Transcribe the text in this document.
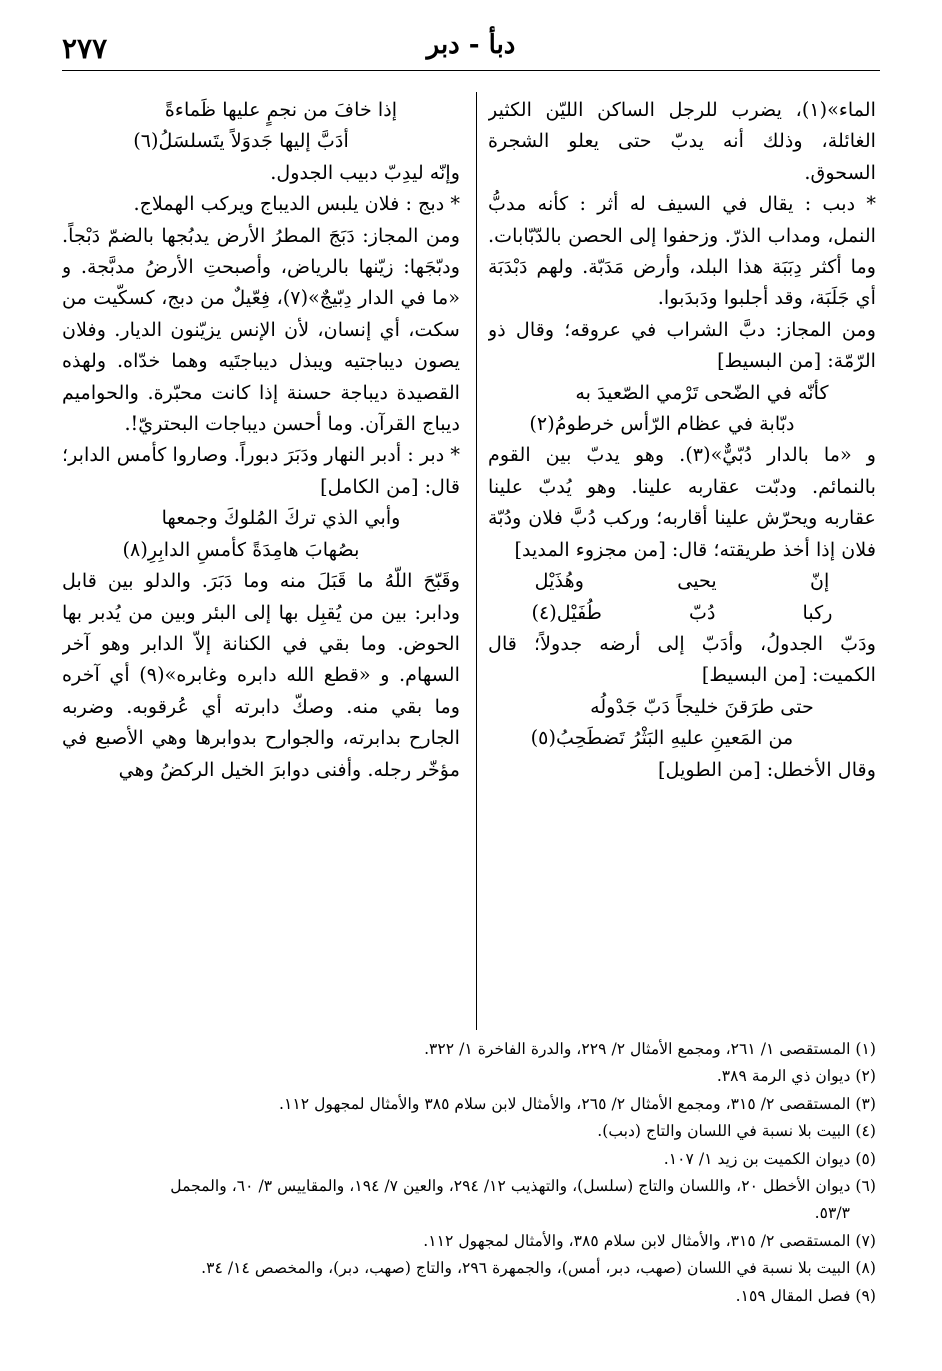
٢٧٧	دبأ - دبر

الماء»(١)، يضرب للرجل الساكن الليّن الكثير الغائلة، وذلك أنه يدبّ حتى يعلو الشجرة السحوق.

* دبب : يقال في السيف له أثر : كأنه مدبُّ النمل، ومداب الذرّ. وزحفوا إلى الحصن بالدّبّابات. وما أكثر دِبَبَة هذا البلد، وأرض مَدَبّة. ولهم دَبْدَبَة أي جَلَبَة، وقد أجلبوا ودَبدَبوا.

ومن المجاز: دبَّ الشراب في عروقه؛ وقال ذو الرّمّة: [من البسيط]

كأنّه في الضّحى تَرْمي الصّعيدَ به

دبّابة في عظام الرّأس خرطومُ(٢)

و «ما بالدار دُبّيٌّ»(٣). وهو يدبّ بين القوم بالنمائم. ودبّت عقاربه علينا. وهو يُدبّ علينا عقاربه ويحرّش علينا أقاربه؛ وركب دُبَّ فلان ودُبّة فلان إذا أخذ طريقته؛ قال: [من مجزوء المديد]

إنّ
يحيى
وهُذَيْل
ركبا
دُبّ
طُفَيْل(٤)

ودَبّ الجدولُ، وأدَبّ إلى أرضه جدولاً؛ قال الكميت: [من البسيط]

حتى طرَقنَ خليجاً دَبّ جَدْولُه

من المَعينِ عليهِ البَثْرُ تَضطَحِبُ(٥)

وقال الأخطل: [من الطويل]

إذا خافَ من نجمٍ عليها ظَماءةً

أدَبَّ إليها جَدوَلاً يتَسلسَلُ(٦)

وإنّه ليدِبّ دبيب الجدول.

* دبج : فلان يلبس الديباج ويركب الهملاج.

ومن المجاز: دَبَجَ المطرُ الأرض يدبُجها بالضمّ دَبْجاً. ودبّجَها: زيّنها بالرياض، وأصبحتِ الأرضُ مدبَّجة. و «ما في الدار دِبّيجٌ»(٧)، فِعّيلٌ من دبج، كسكّيت من سكت، أي إنسان، لأن الإنس يزيّنون الديار. وفلان يصون ديباجتيه ويبذل ديباجتَيه وهما خدّاه. ولهذه القصيدة ديباجة حسنة إذا كانت محبّرة. والحواميم ديباج القرآن. وما أحسن ديباجات البحتريّ!.

* دبر : أدبر النهار ودَبَرَ دبوراً. وصاروا كأمس الدابر؛ قال: [من الكامل]

وأبي الذي تركَ المُلوكَ وجمعها

بصُهابَ هامِدَةً كأمسِ الدابِرِ(٨)

وقَبّحَ اللّهُ ما قَبَلَ منه وما دَبَرَ. والدلو بين قابل ودابر: بين من يُقبِل بها إلى البئر وبين من يُدبر بها الحوض. وما بقي في الكنانة إلاّ الدابر وهو آخر السهام. و «قطع الله دابره وغابره»(٩) أي آخره وما بقي منه. وصكّ دابرته أي عُرقوبه. وضربه الجارح بدابرته، والجوارح بدوابرها وهي الأصبع في مؤخّر رجله. وأفنى دوابرَ الخيل الركضُ وهي

(١) المستقصى ١/ ٢٦١، ومجمع الأمثال ٢/ ٢٢٩، والدرة الفاخرة ١/ ٣٢٢.

(٢) ديوان ذي الرمة ٣٨٩.

(٣) المستقصى ٢/ ٣١٥، ومجمع الأمثال ٢/ ٢٦٥، والأمثال لابن سلام ٣٨٥ والأمثال لمجهول ١١٢.

(٤) البيت بلا نسبة في اللسان والتاج (دبب).

(٥) ديوان الكميت بن زيد ١/ ١٠٧.

(٦) ديوان الأخطل ٢٠، واللسان والتاج (سلسل)، والتهذيب ١٢/ ٢٩٤، والعين ٧/ ١٩٤، والمقاييس ٣/ ٦٠، والمجمل

٥٣/٣.

(٧) المستقصى ٢/ ٣١٥، والأمثال لابن سلام ٣٨٥، والأمثال لمجهول ١١٢.

(٨) البيت بلا نسبة في اللسان (صهب، دبر، أمس)، والجمهرة ٢٩٦، والتاج (صهب، دبر)، والمخصص ١٤/ ٣٤.

(٩) فصل المقال ١٥٩.
